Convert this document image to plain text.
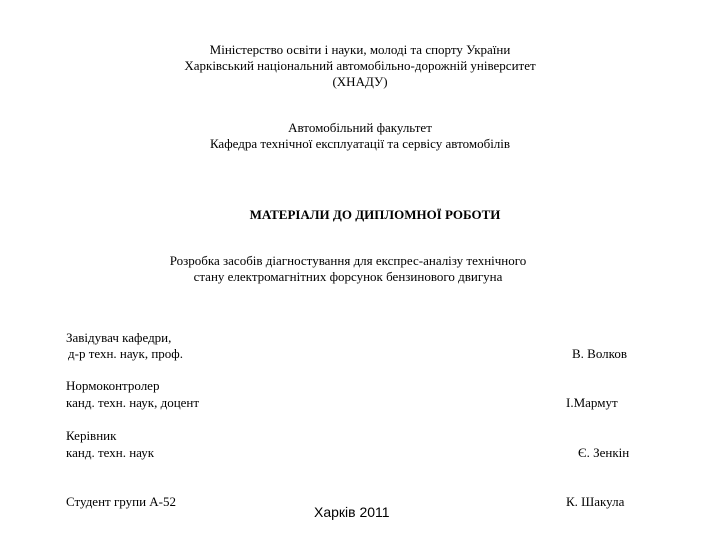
Міністерство освіти і науки, молоді та спорту України
Харківський національний автомобільно-дорожній університет
(ХНАДУ)
Автомобільний факультет
Кафедра технічної експлуатації та сервісу автомобілів
МАТЕРІАЛИ ДО ДИПЛОМНОЇ РОБОТИ
Розробка засобів діагностування для експрес-аналізу технічного
стану електромагнітних форсунок бензинового двигуна
Завідувач кафедри,
д-р техн. наук, проф.	В. Волков
Нормоконтролер
канд. техн. наук, доцент	І.Мармут
Керівник
канд. техн. наук	Є. Зенкін
Студент групи А-52	К. Шакула
Харків 2011
